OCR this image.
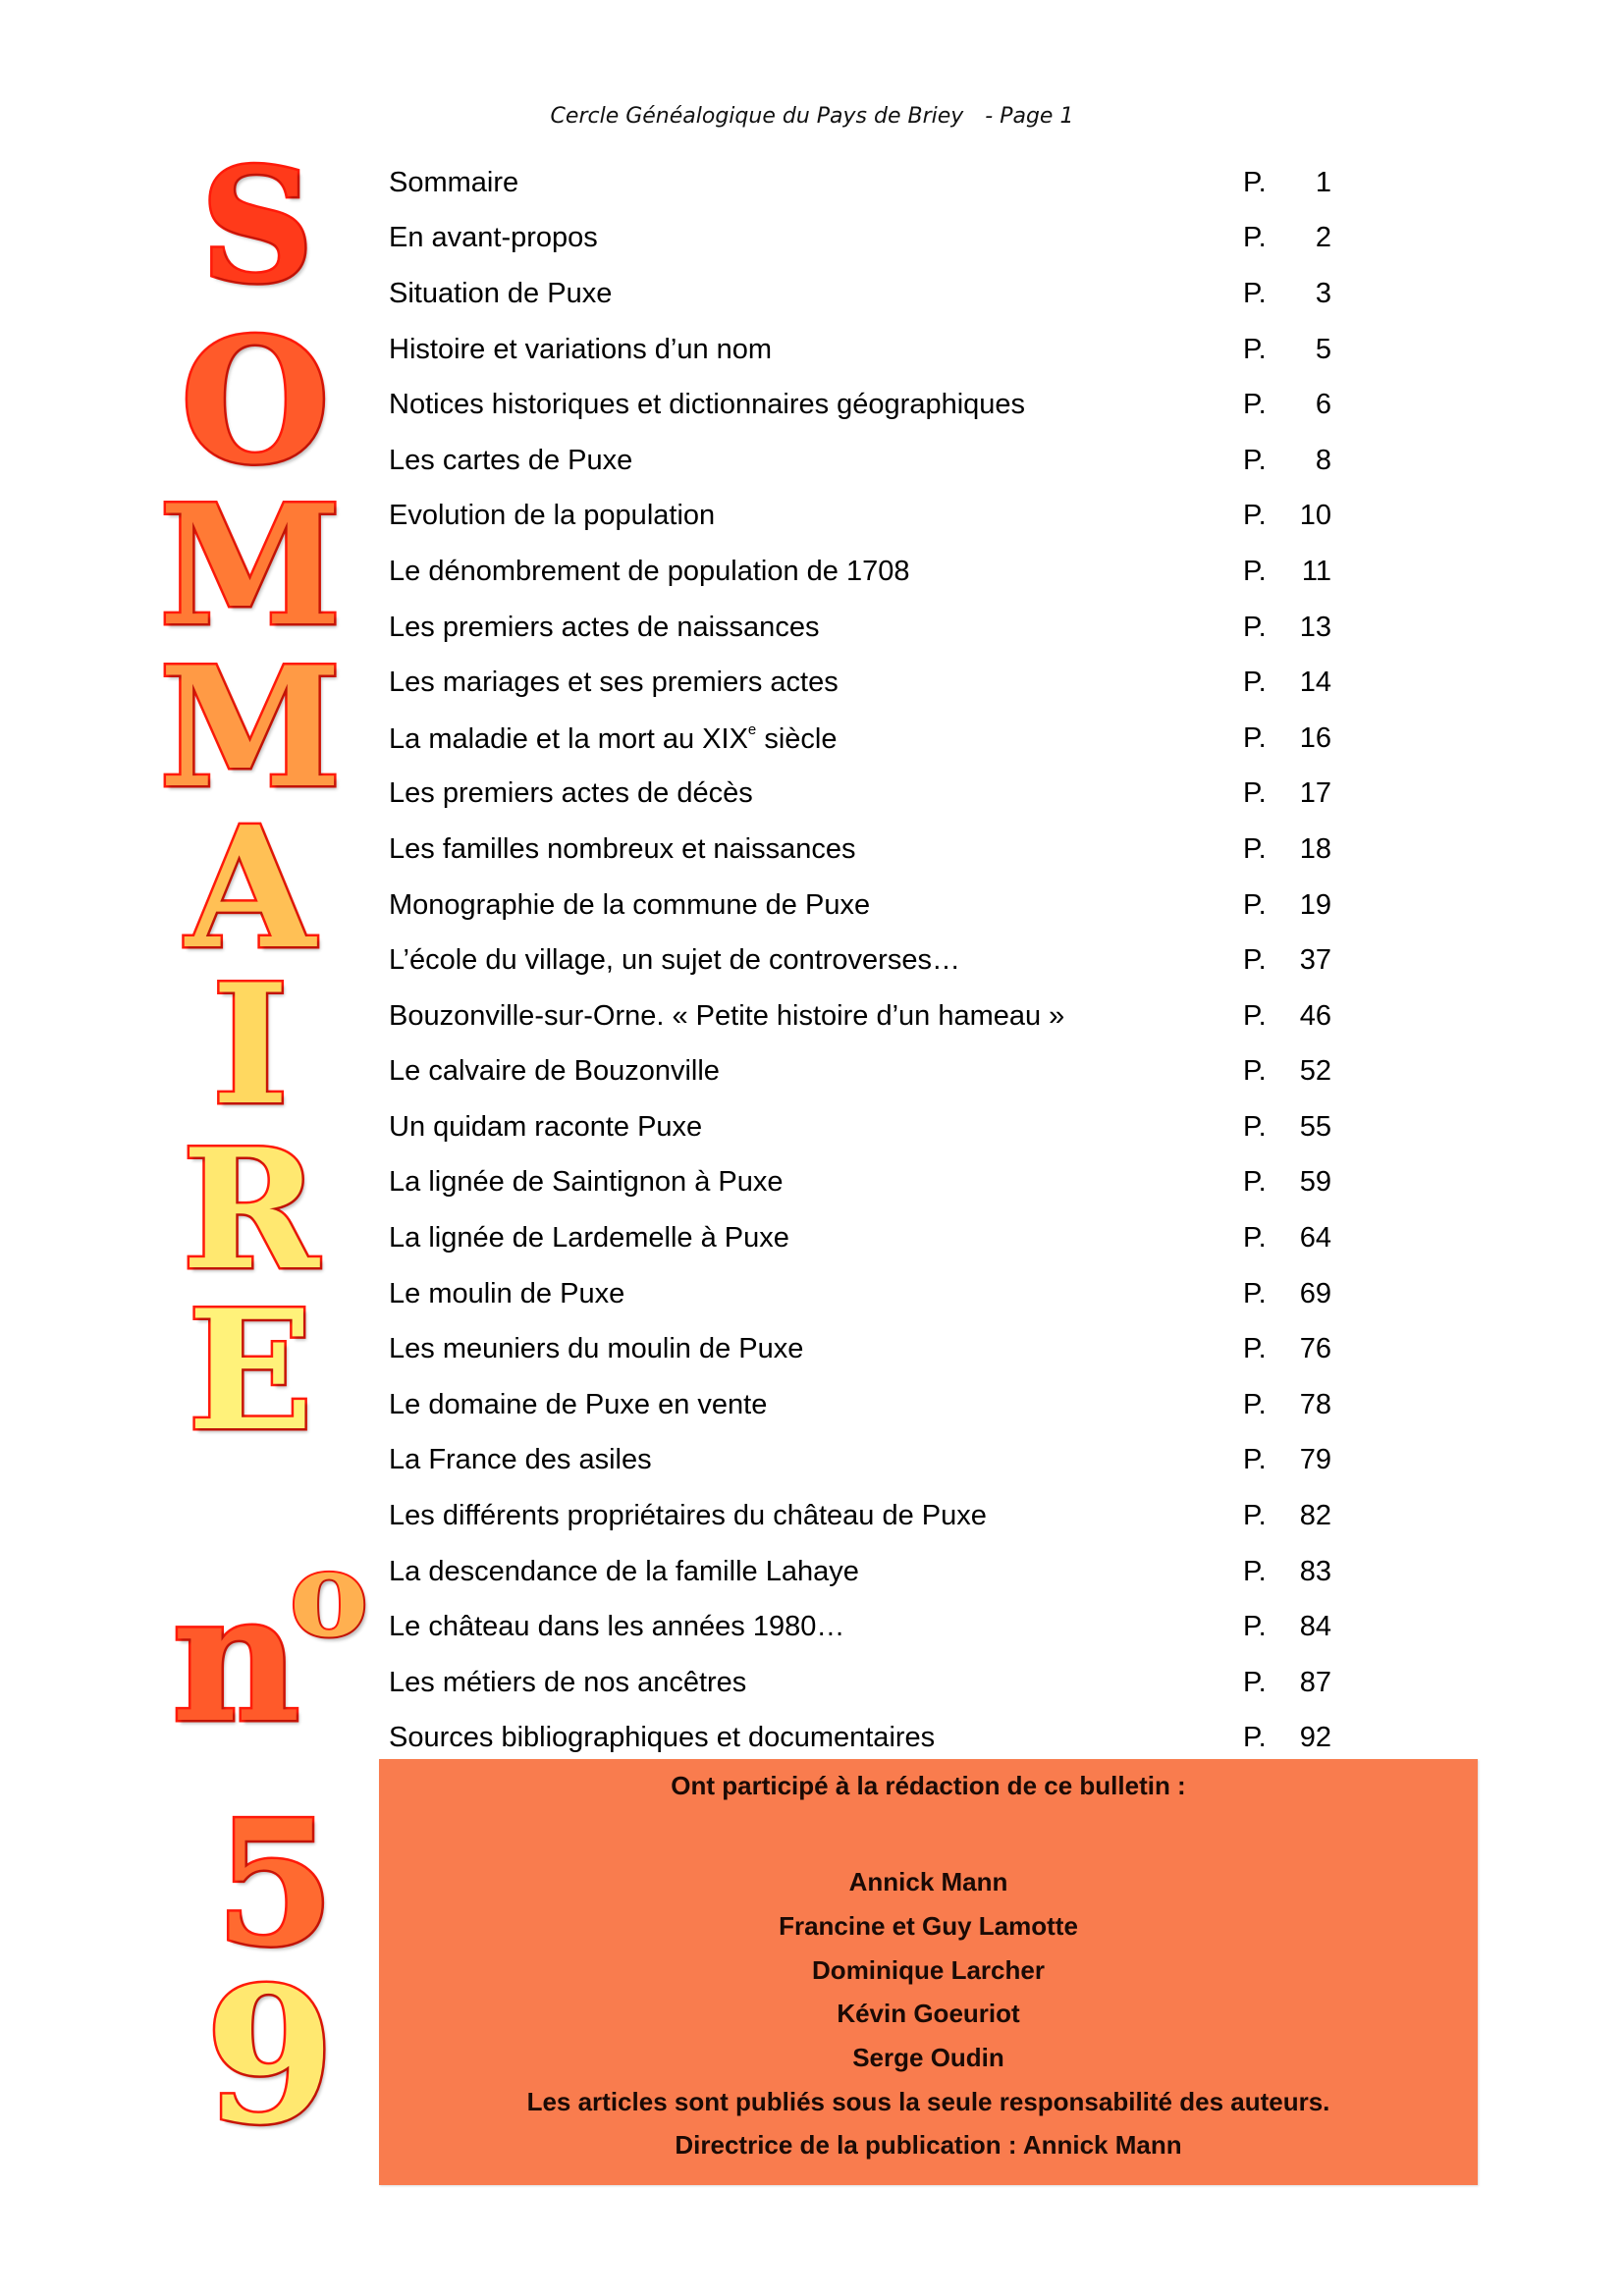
Cercle Généalogique du Pays de Briey - Page 1
S
O
M
M
A
I
R
E
n
o
5
9
Sommaire	P.	1
En avant-propos	P.	2
Situation de Puxe	P.	3
Histoire et variations d’un nom	P.	5
Notices historiques et dictionnaires géographiques	P.	6
Les cartes de Puxe	P.	8
Evolution de la population	P.	10
Le dénombrement de population de 1708	P.	11
Les premiers actes de naissances	P.	13
Les mariages et ses premiers actes	P.	14
La maladie et la mort au XIXe siècle	P.	16
Les premiers actes de décès	P.	17
Les familles nombreux et naissances	P.	18
Monographie de la commune de Puxe	P.	19
L’école du village, un sujet de controverses…	P.	37
Bouzonville-sur-Orne. « Petite histoire d’un hameau »	P.	46
Le calvaire de Bouzonville	P.	52
Un quidam raconte Puxe	P.	55
La lignée de Saintignon à Puxe	P.	59
La lignée de Lardemelle à Puxe	P.	64
Le moulin de Puxe	P.	69
Les meuniers du moulin de Puxe	P.	76
Le domaine de Puxe en vente	P.	78
La France des asiles	P.	79
Les différents propriétaires du château de Puxe	P.	82
La descendance de la famille Lahaye	P.	83
Le château dans les années 1980…	P.	84
Les métiers de nos ancêtres	P.	87
Sources bibliographiques et documentaires	P.	92
Ont participé à la rédaction de ce bulletin :
Annick Mann
Francine et Guy Lamotte
Dominique Larcher
Kévin Goeuriot
Serge Oudin
Les articles sont publiés sous la seule responsabilité des auteurs.
Directrice de la publication : Annick Mann
